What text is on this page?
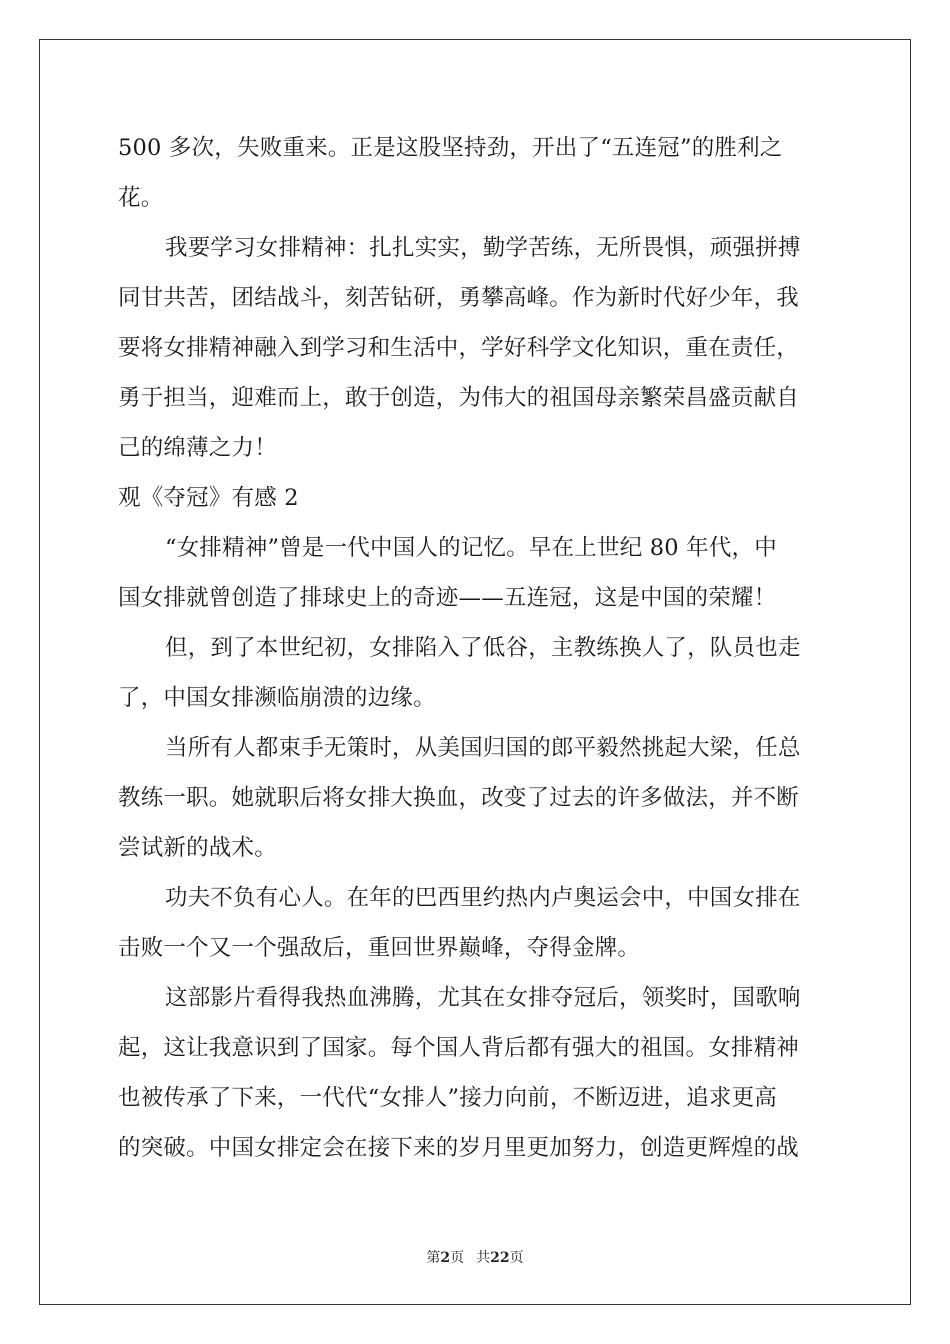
500 多次，失败重来。正是这股坚持劲，开出了“五连冠”的胜利之
花。
我要学习女排精神：扎扎实实，勤学苦练，无所畏惧，顽强拼搏
同甘共苦，团结战斗，刻苦钻研，勇攀高峰。作为新时代好少年，我
要将女排精神融入到学习和生活中，学好科学文化知识，重在责任，
勇于担当，迎难而上，敢于创造，为伟大的祖国母亲繁荣昌盛贡献自
己的绵薄之力！
观《夺冠》有感 2
“女排精神”曾是一代中国人的记忆。早在上世纪 80 年代，中
国女排就曾创造了排球史上的奇迹——五连冠，这是中国的荣耀！
但，到了本世纪初，女排陷入了低谷，主教练换人了，队员也走
了，中国女排濒临崩溃的边缘。
当所有人都束手无策时，从美国归国的郎平毅然挑起大梁，任总
教练一职。她就职后将女排大换血，改变了过去的许多做法，并不断
尝试新的战术。
功夫不负有心人。在年的巴西里约热内卢奥运会中，中国女排在
击败一个又一个强敌后，重回世界巅峰，夺得金牌。
这部影片看得我热血沸腾，尤其在女排夺冠后，领奖时，国歌响
起，这让我意识到了国家。每个国人背后都有强大的祖国。女排精神
也被传承了下来，一代代“女排人”接力向前，不断迈进，追求更高
的突破。中国女排定会在接下来的岁月里更加努力，创造更辉煌的战
第2页 共22页
